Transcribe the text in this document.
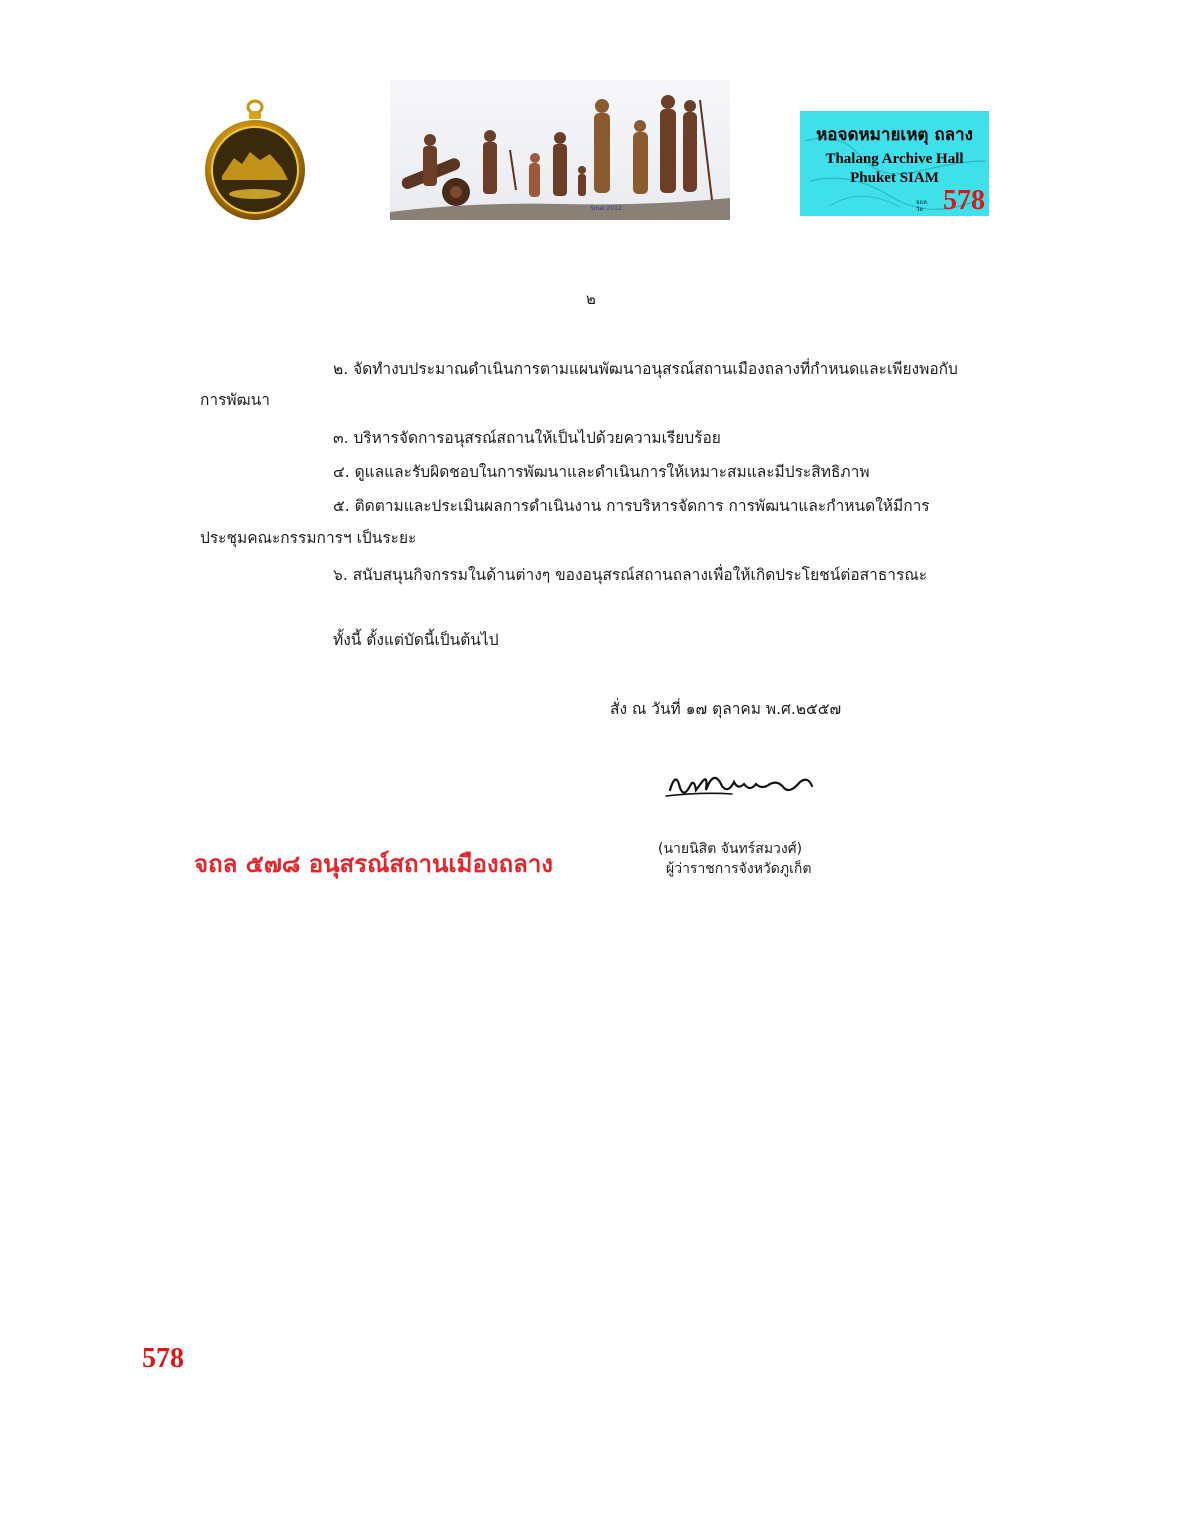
Sinai 2012
หอจดหมายเหตุ ถลาง
Thalang Archive Hall
Phuket SIAM
จถล.
วัย 578
๒
๒. จัดทำงบประมาณดำเนินการตามแผนพัฒนาอนุสรณ์สถานเมืองถลางที่กำหนดและเพียงพอกับ
การพัฒนา
๓. บริหารจัดการอนุสรณ์สถานให้เป็นไปด้วยความเรียบร้อย
๔. ดูแลและรับผิดชอบในการพัฒนาและดำเนินการให้เหมาะสมและมีประสิทธิภาพ
๕. ติดตามและประเมินผลการดำเนินงาน การบริหารจัดการ การพัฒนาและกำหนดให้มีการ
ประชุมคณะกรรมการฯ เป็นระยะ
๖. สนับสนุนกิจกรรมในด้านต่างๆ ของอนุสรณ์สถานถลางเพื่อให้เกิดประโยชน์ต่อสาธารณะ
ทั้งนี้ ตั้งแต่บัดนี้เป็นต้นไป
สั่ง ณ วันที่ ๑๗ ตุลาคม พ.ศ.๒๕๕๗
(นายนิสิต จันทร์สมวงศ์)
ผู้ว่าราชการจังหวัดภูเก็ต
จถล ๕๗๘ อนุสรณ์สถานเมืองถลาง
578
